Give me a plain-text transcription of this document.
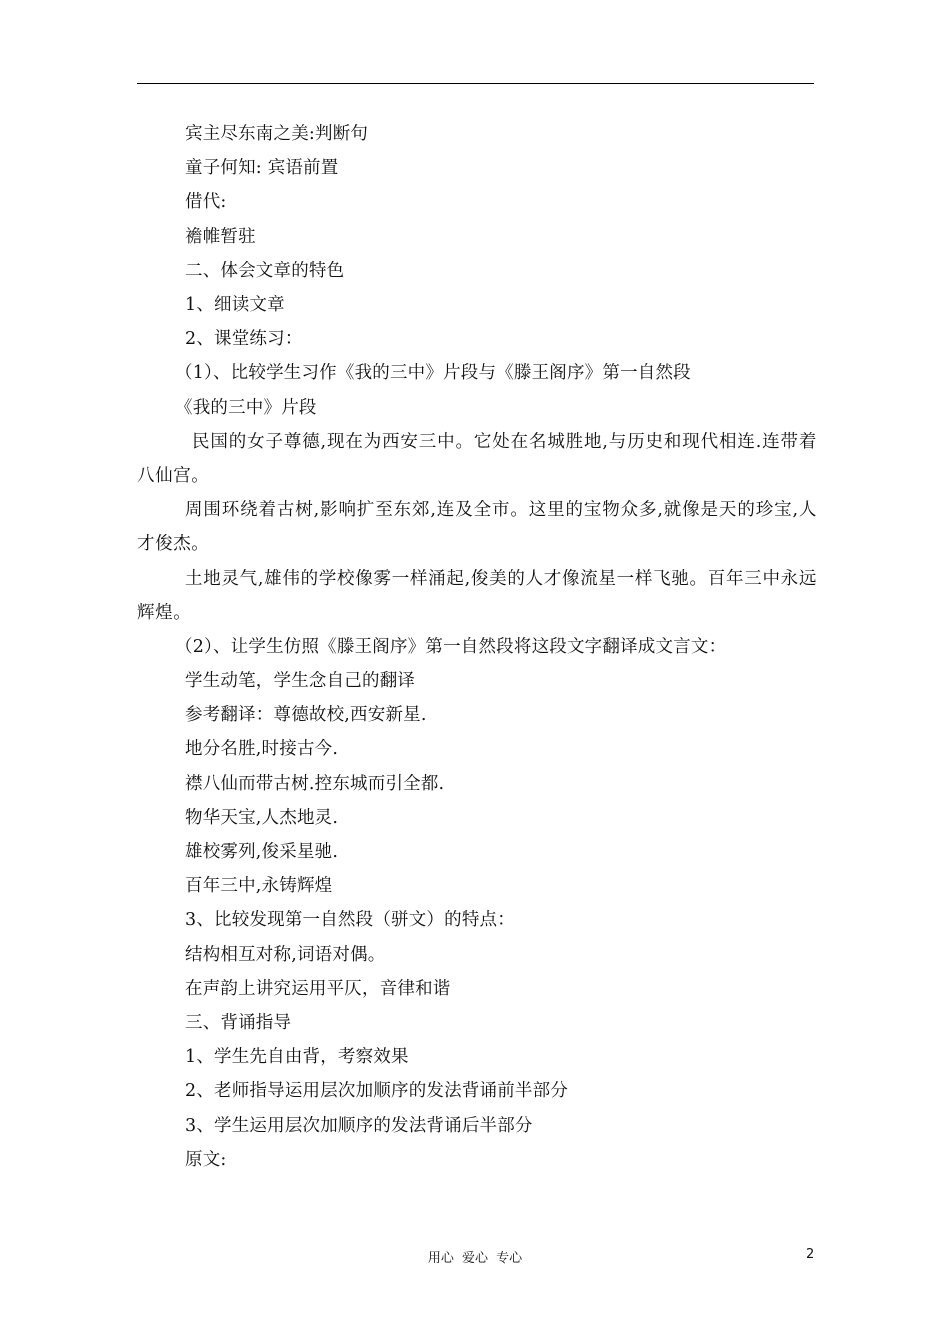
宾主尽东南之美:判断句
童子何知: 宾语前置
借代:
襜帷暂驻
二、体会文章的特色
1、细读文章
2、课堂练习：
（1）、比较学生习作《我的三中》片段与《滕王阁序》第一自然段
《我的三中》片段
民国的女子尊德,现在为西安三中。它处在名城胜地,与历史和现代相连.连带着八仙宫。
周围环绕着古树,影响扩至东郊,连及全市。这里的宝物众多,就像是天的珍宝,人才俊杰。
土地灵气,雄伟的学校像雾一样涌起,俊美的人才像流星一样飞驰。百年三中永远辉煌。
（2）、让学生仿照《滕王阁序》第一自然段将这段文字翻译成文言文：
学生动笔，学生念自己的翻译
参考翻译：尊德故校,西安新星.
地分名胜,时接古今.
襟八仙而带古树.控东城而引全都.
物华天宝,人杰地灵.
雄校雾列,俊采星驰.
百年三中,永铸辉煌
3、比较发现第一自然段（骈文）的特点：
结构相互对称,词语对偶。
在声韵上讲究运用平仄，音律和谐
三、背诵指导
1、学生先自由背，考察效果
2、老师指导运用层次加顺序的发法背诵前半部分
3、学生运用层次加顺序的发法背诵后半部分
原文:
用心 爱心 专心	2
